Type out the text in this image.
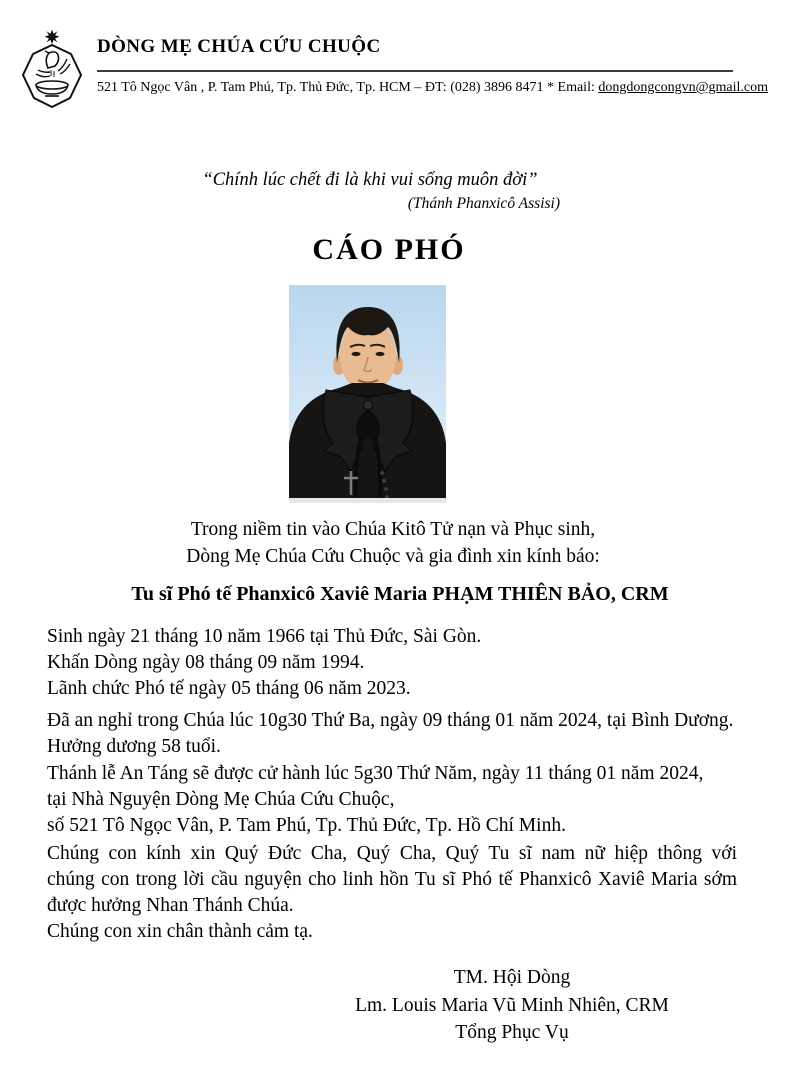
DÒNG MẸ CHÚA CỨU CHUỘC
521 Tô Ngọc Vân , P. Tam Phú, Tp. Thủ Đức, Tp. HCM – ĐT: (028) 3896 8471 * Email: dongdongcongvn@gmail.com
“Chính lúc chết đi là khi vui sống muôn đời”
(Thánh Phanxicô Assisi)
CÁO PHÓ
Trong niềm tin vào Chúa Kitô Tử nạn và Phục sinh,
Dòng Mẹ Chúa Cứu Chuộc và gia đình xin kính báo:
Tu sĩ Phó tế Phanxicô Xaviê Maria PHẠM THIÊN BẢO, CRM
Sinh ngày 21 tháng 10 năm 1966 tại Thủ Đức, Sài Gòn.
Khấn Dòng ngày 08 tháng 09 năm 1994.
Lãnh chức Phó tế ngày 05 tháng 06 năm 2023.
Đã an nghỉ trong Chúa lúc 10g30 Thứ Ba, ngày 09 tháng 01 năm 2024, tại Bình Dương.
Hưởng dương 58 tuổi.
Thánh lễ An Táng sẽ được cử hành lúc 5g30 Thứ Năm, ngày 11 tháng 01 năm 2024,
tại Nhà Nguyện Dòng Mẹ Chúa Cứu Chuộc,
số 521 Tô Ngọc Vân, P. Tam Phú, Tp. Thủ Đức, Tp. Hồ Chí Minh.
Chúng con kính xin Quý Đức Cha, Quý Cha, Quý Tu sĩ nam nữ hiệp thông với
chúng con trong lời cầu nguyện cho linh hồn Tu sĩ Phó tế Phanxicô Xaviê Maria sớm
được hưởng Nhan Thánh Chúa.
Chúng con xin chân thành cảm tạ.
TM. Hội Dòng
Lm. Louis Maria Vũ Minh Nhiên, CRM
Tổng Phục Vụ
